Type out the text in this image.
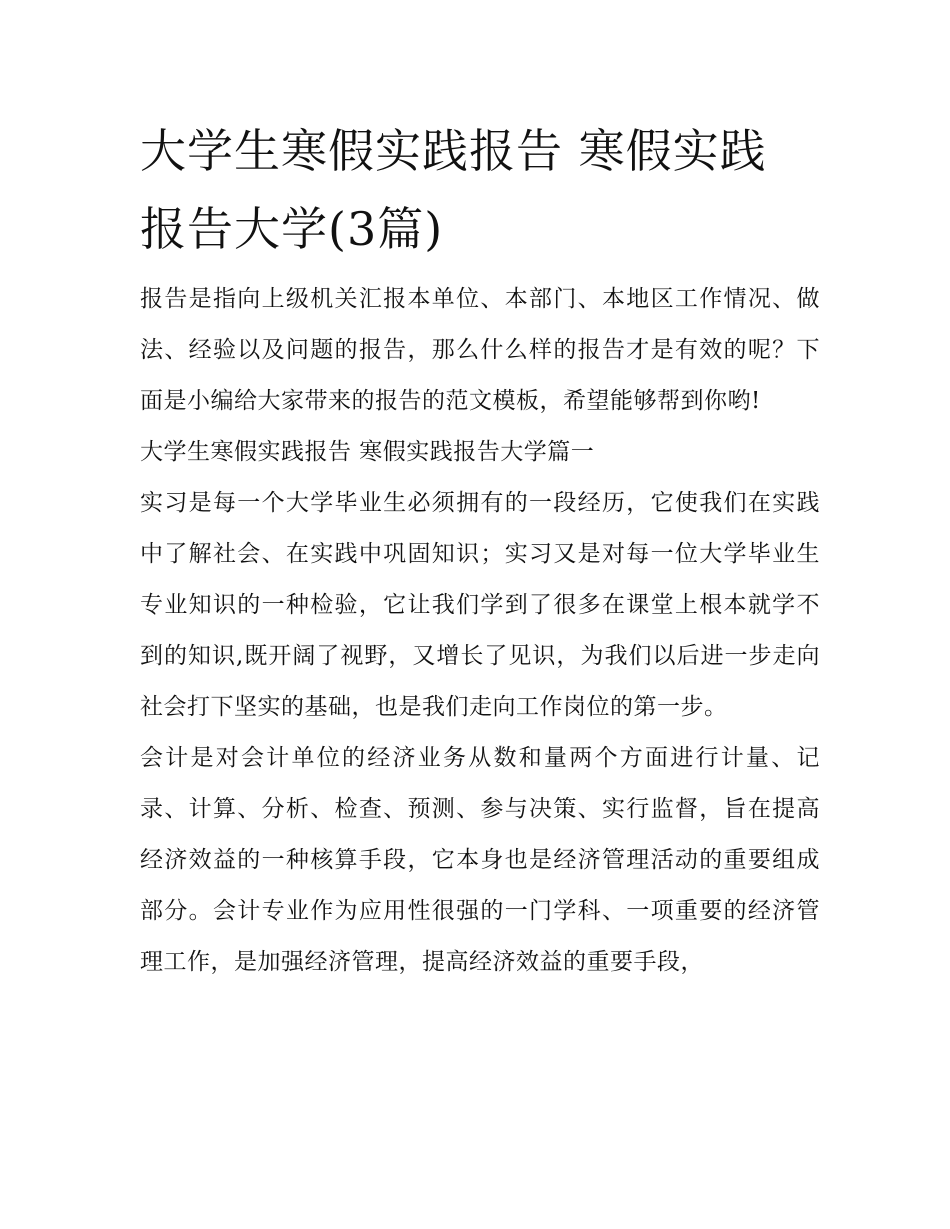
大学生寒假实践报告 寒假实践报告大学(3篇)

报告是指向上级机关汇报本单位、本部门、本地区工作情况、做法、经验以及问题的报告，那么什么样的报告才是有效的呢？下面是小编给大家带来的报告的范文模板，希望能够帮到你哟!

大学生寒假实践报告 寒假实践报告大学篇一

实习是每一个大学毕业生必须拥有的一段经历，它使我们在实践中了解社会、在实践中巩固知识；实习又是对每一位大学毕业生专业知识的一种检验，它让我们学到了很多在课堂上根本就学不到的知识,既开阔了视野，又增长了见识，为我们以后进一步走向社会打下坚实的基础，也是我们走向工作岗位的第一步。

会计是对会计单位的经济业务从数和量两个方面进行计量、记录、计算、分析、检查、预测、参与决策、实行监督，旨在提高经济效益的一种核算手段，它本身也是经济管理活动的重要组成部分。会计专业作为应用性很强的一门学科、一项重要的经济管理工作，是加强经济管理，提高经济效益的重要手段，
